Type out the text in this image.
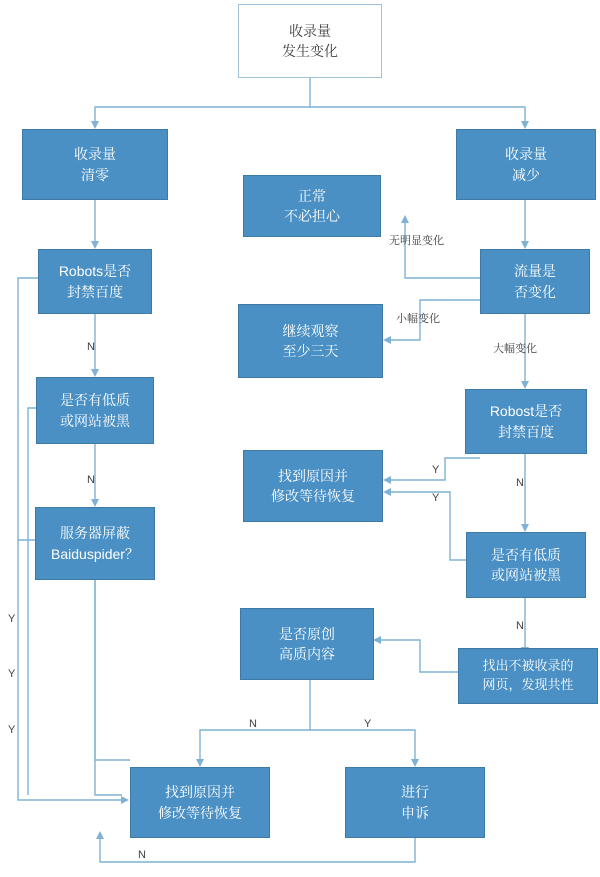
收录量
发生变化
收录量
清零
收录量
减少
正常
不必担心
继续观察
至少三天
Robots是否
封禁百度
流量是
否变化
是否有低质
或网站被黑
Robost是否
封禁百度
服务器屏蔽
Baiduspider？
找到原因并
修改等待恢复
是否有低质
或网站被黑
是否原创
高质内容
找出不被收录的
网页，发现共性
找到原因并
修改等待恢复
进行
申诉
无明显变化
小幅变化
大幅变化
N
N
Y
Y
Y
Y
N
Y
N
N	Y
N
